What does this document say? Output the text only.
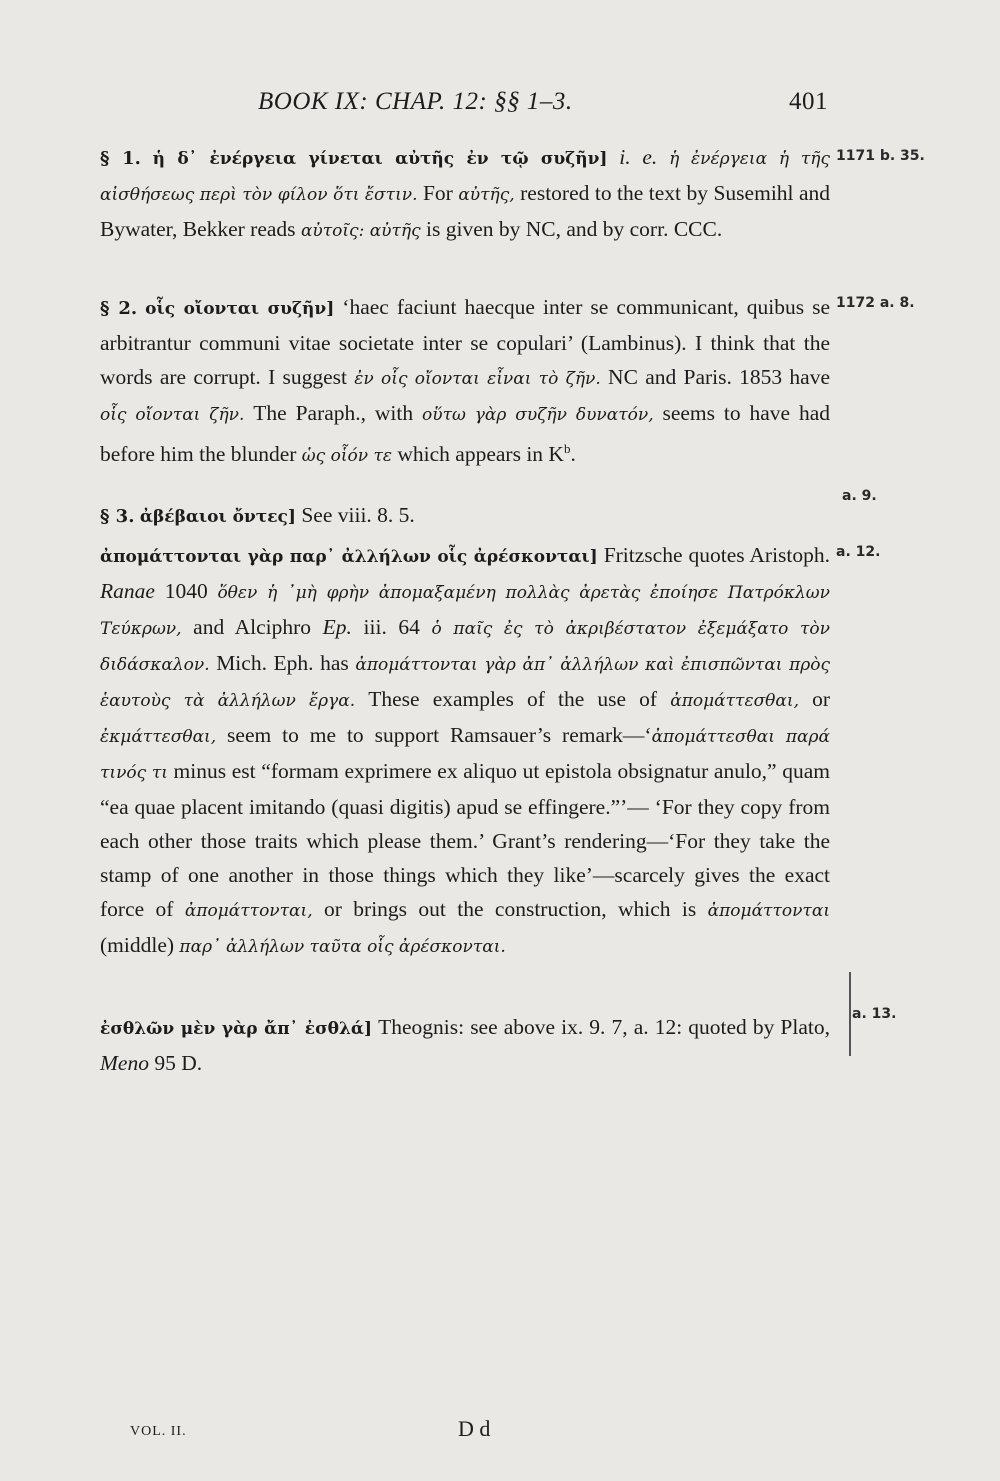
BOOK IX: CHAP. 12: §§ 1–3.	401
§ 1. ἡ δ᾽ ἐνέργεια γίνεται αὐτῆς ἐν τῷ συζῆν] i. e. ἡ ἐνέργεια ἡ τῆς αἰσθήσεως περὶ τὸν φίλον ὅτι ἔστιν. For αὐτῆς, restored to the text by Susemihl and Bywater, Bekker reads αὐτοῖς: αὐτῆς is given by NC, and by corr. CCC.
§ 2. οἷς οἴονται συζῆν] ‘haec faciunt haecque inter se communicant, quibus se arbitrantur communi vitae societate inter se copulari’ (Lambinus). I think that the words are corrupt. I suggest ἐν οἷς οἴονται εἶναι τὸ ζῆν. NC and Paris. 1853 have οἷς οἴονται ζῆν. The Paraph., with οὕτω γὰρ συζῆν δυνατόν, seems to have had before him the blunder ὡς οἷόν τε which appears in $K^b$.
§ 3. ἀβέβαιοι ὄντες] See viii. 8. 5.
ἀπομάττονται γὰρ παρ᾽ ἀλλήλων οἷς ἀρέσκονται] Fritzsche quotes Aristoph. Ranae 1040 ὅθεν ἡ ᾽μὴ φρὴν ἀπομαξαμένη πολλὰς ἀρετὰς ἐποίησε Πατρόκλων Τεύκρων, and Alciphro Ep. iii. 64 ὁ παῖς ἐς τὸ ἀκριβέστατον ἐξεμάξατο τὸν διδάσκαλον. Mich. Eph. has ἀπομάττονται γὰρ ἀπ᾽ ἀλλήλων καὶ ἐπισπῶνται πρὸς ἑαυτοὺς τὰ ἀλλήλων ἔργα. These examples of the use of ἀπομάττεσθαι, or ἐκμάττεσθαι, seem to me to support Ramsauer’s remark—‘ἀπομάττεσθαι παρά τινός τι minus est “formam exprimere ex aliquo ut epistola obsignatur anulo,” quam “ea quae placent imitando (quasi digitis) apud se effingere.”’— ‘For they copy from each other those traits which please them.’ Grant’s rendering—‘For they take the stamp of one another in those things which they like’—scarcely gives the exact force of ἀπομάττονται, or brings out the construction, which is ἀπομάττονται (middle) παρ᾽ ἀλλήλων ταῦτα οἷς ἀρέσκονται.
ἐσθλῶν μὲν γὰρ ἄπ᾽ ἐσθλά] Theognis: see above ix. 9. 7, a. 12: quoted by Plato, Meno 95 D.
1171 b. 35.
1172 a. 8.
a. 9.
a. 12.
a. 13.
VOL. II.	D d
